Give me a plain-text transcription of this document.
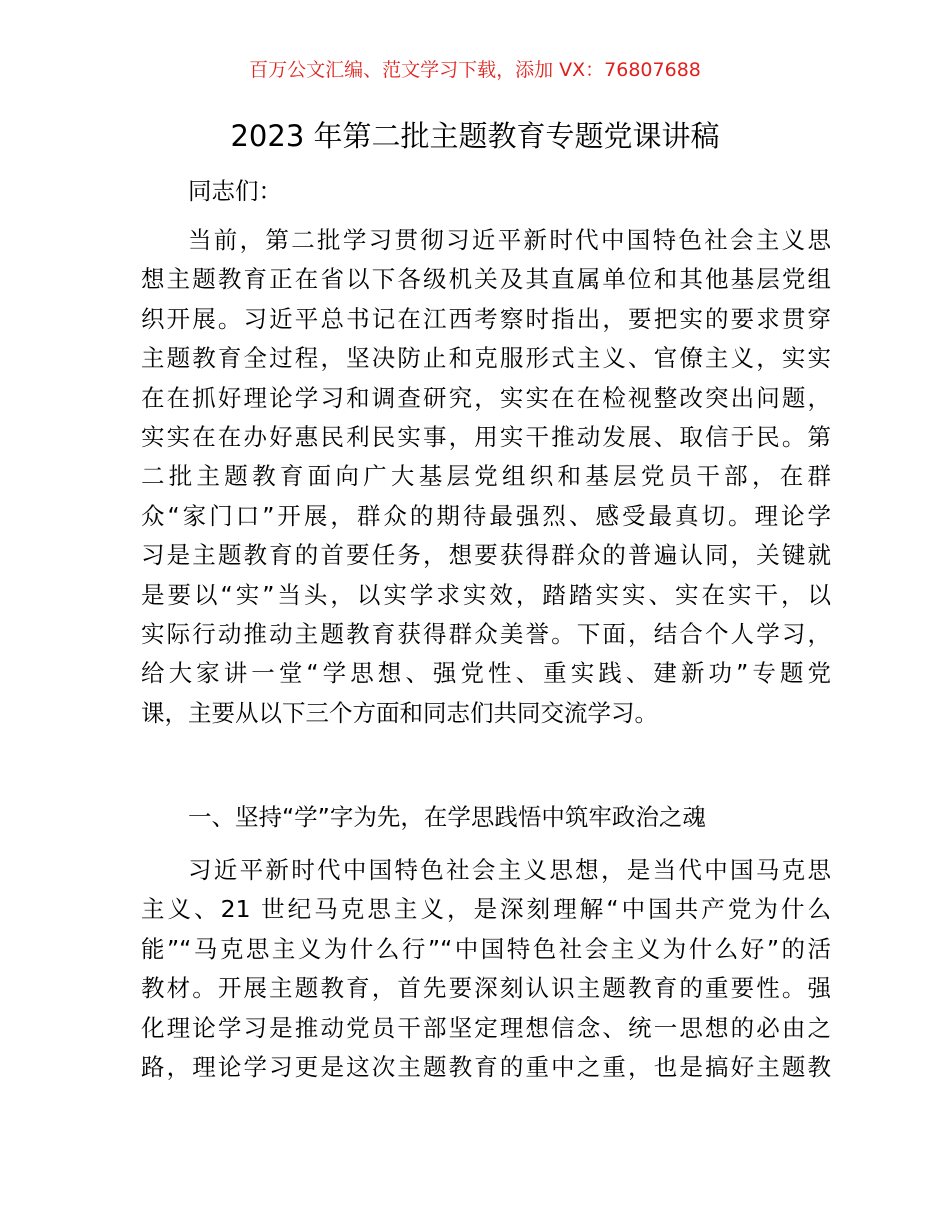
百万公文汇编、范文学习下载，添加 VX：76807688
2023 年第二批主题教育专题党课讲稿
同志们：
当前，第二批学习贯彻习近平新时代中国特色社会主义思
想主题教育正在省以下各级机关及其直属单位和其他基层党组
织开展。习近平总书记在江西考察时指出，要把实的要求贯穿
主题教育全过程，坚决防止和克服形式主义、官僚主义，实实
在在抓好理论学习和调查研究，实实在在检视整改突出问题，
实实在在办好惠民利民实事，用实干推动发展、取信于民。第
二批主题教育面向广大基层党组织和基层党员干部，在群
众“家门口”开展，群众的期待最强烈、感受最真切。理论学
习是主题教育的首要任务，想要获得群众的普遍认同，关键就
是要以“实”当头，以实学求实效，踏踏实实、实在实干，以
实际行动推动主题教育获得群众美誉。下面，结合个人学习，
给大家讲一堂“学思想、强党性、重实践、建新功”专题党
课，主要从以下三个方面和同志们共同交流学习。
一、坚持“学”字为先，在学思践悟中筑牢政治之魂
习近平新时代中国特色社会主义思想，是当代中国马克思
主义、21 世纪马克思主义，是深刻理解“中国共产党为什么
能”“马克思主义为什么行”“中国特色社会主义为什么好”的活
教材。开展主题教育，首先要深刻认识主题教育的重要性。强
化理论学习是推动党员干部坚定理想信念、统一思想的必由之
路，理论学习更是这次主题教育的重中之重，也是搞好主题教
